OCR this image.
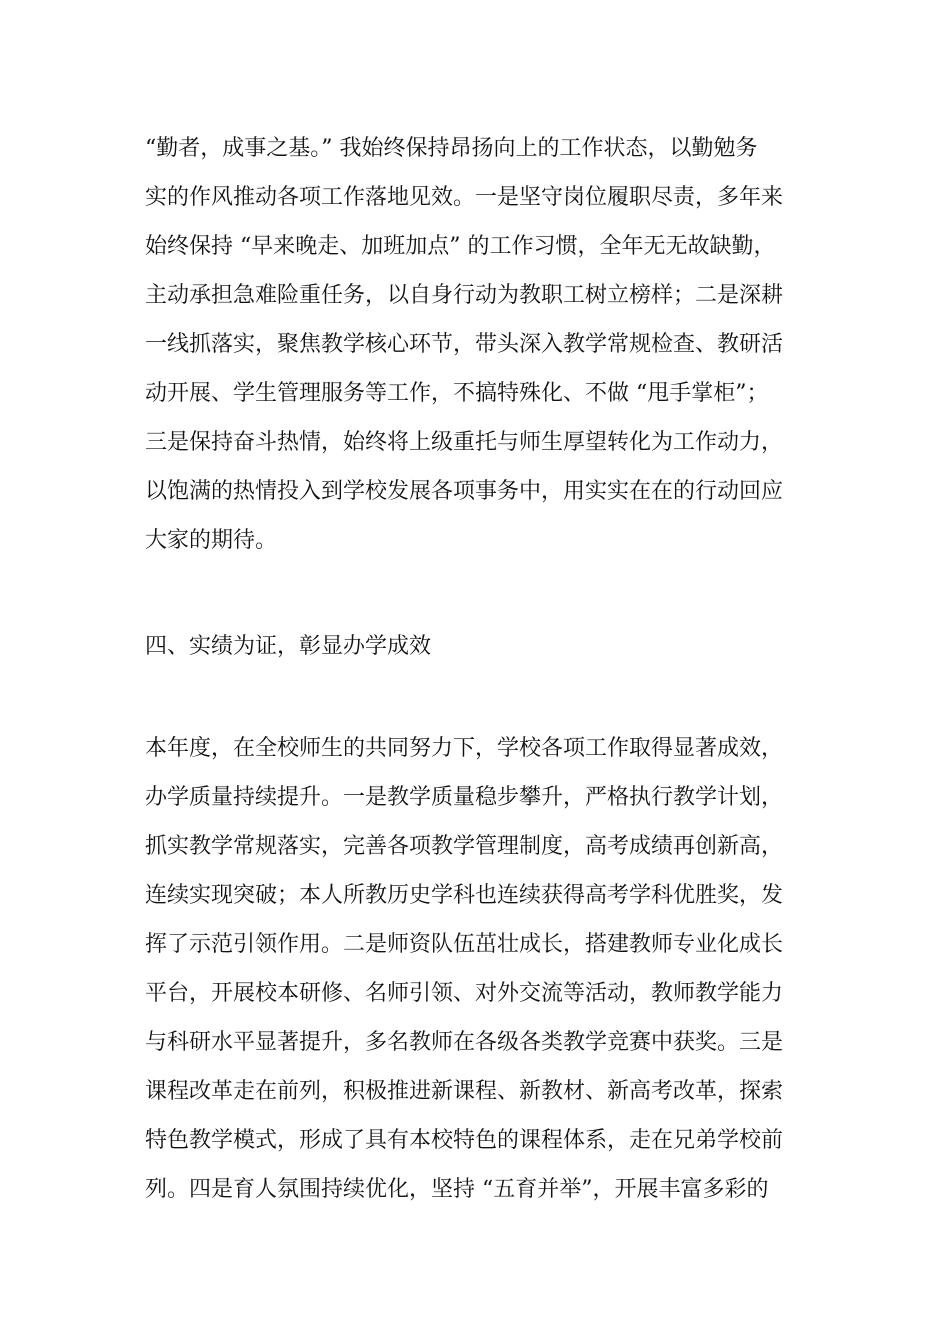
“勤者，成事之基。” 我始终保持昂扬向上的工作状态，以勤勉务
实的作风推动各项工作落地见效。一是坚守岗位履职尽责，多年来
始终保持 “早来晚走、加班加点” 的工作习惯，全年无无故缺勤，
主动承担急难险重任务，以自身行动为教职工树立榜样；二是深耕
一线抓落实，聚焦教学核心环节，带头深入教学常规检查、教研活
动开展、学生管理服务等工作，不搞特殊化、不做 “甩手掌柜”；
三是保持奋斗热情，始终将上级重托与师生厚望转化为工作动力，
以饱满的热情投入到学校发展各项事务中，用实实在在的行动回应
大家的期待。
四、实绩为证，彰显办学成效
本年度，在全校师生的共同努力下，学校各项工作取得显著成效，
办学质量持续提升。一是教学质量稳步攀升，严格执行教学计划，
抓实教学常规落实，完善各项教学管理制度，高考成绩再创新高，
连续实现突破；本人所教历史学科也连续获得高考学科优胜奖，发
挥了示范引领作用。二是师资队伍茁壮成长，搭建教师专业化成长
平台，开展校本研修、名师引领、对外交流等活动，教师教学能力
与科研水平显著提升，多名教师在各级各类教学竞赛中获奖。三是
课程改革走在前列，积极推进新课程、新教材、新高考改革，探索
特色教学模式，形成了具有本校特色的课程体系，走在兄弟学校前
列。四是育人氛围持续优化，坚持 “五育并举”，开展丰富多彩的
